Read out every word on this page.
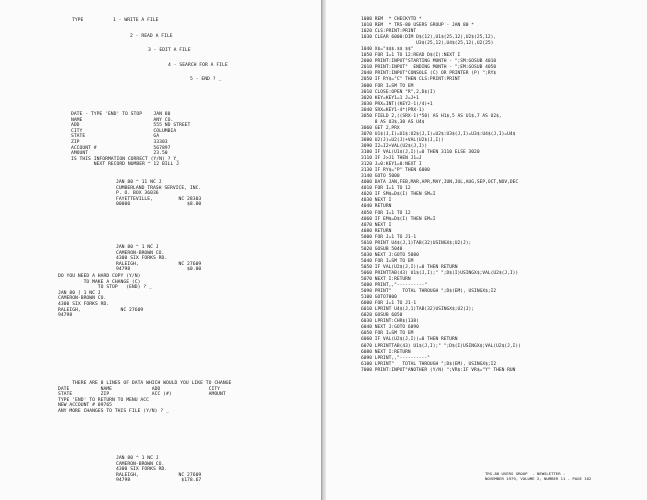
TYPE	1 - WRITE A FILE
2 - READ A FILE
3 - EDIT A FILE
4 - SEARCH FOR A FILE
5 - END ? _
DATE - TYPE 'END' TO STOP    JAN 80
NAME                         ANY CO.
ADD                          555 ND STREET
CITY                         COLUMBIA
STATE                        GA
ZIP                          33303
ACCOUNT #                    567897
AMOUNT                       23.50
IS THIS INFORMATION CORRECT (Y/N) ? Y_
NEXT RECORD NUMBER ^ 12 BILL J
JAN 80 ^ 11 NC J
CUMBERLAND TRASH SERVICE, INC.
P. O. BOX 36036
FAYETTEVILLE,         NC 28303
00000                    $8.00
JAN 80 ^ 1 NC J
CAMERON-BROWN CO.
4300 SIX FORKS RD.
RALEIGH,              NC 27609
94798                    $0.00
DO YOU NEED A HARD COPY (Y/N)
TO MAKE A CHANGE (C)
TO STOP   (END) ? _
JAN 80 [ 1 NC J
CAMERON-BROWN CO.
4300 SIX FORKS RD.
RALEIGH,              NC 27609
94798
THERE ARE 8 LINES OF DATA WHICH WOULD YOU LIKE TO CHANGE
DATE           NAME              ADD                 CITY
STATE          ZIP               ACC (#)             AMOUNT
TYPE 'END' TO RETURN TO MENU ACC
NEW ACCOUNT # 09765
ANY MORE CHANGES TO THIS FILE (Y/N) ? _
JAN 80 ^ 1 NC J
CAMERON-BROWN CO.
4300 SIX FORKS RD.
RALEIGH,              NC 27609
94798                  $178.67
1000 REM  * CHECKYTD *
1010 REM  * TRS-80 USERS GROUP - JAN 80 *
1020 CLS:PRINT:PRINT
1030 CLEAR 6000:DIM D$(12),U1$(25,12),U2$(25,12),
U3$(25,12),U4$(25,12),U2(25)
1040 X$="$$$.$$ $$"
1050 FOR I=1 TO 12:READ D$(I):NEXT I
2000 PRINT:INPUT"STARTING MONTH - ";SM:GOSUB 4010
2010 PRINT:INPUT"  ENDING MONTH - ";EM:GOSUB 4050
2040 PRINT:INPUT"CONSOLE (C) OR PRINTER (P) ";RY$
2050 IF RY$="C" THEN CLS:PRINT:PRINT
3000 FOR I=SM TO EM
3010 CLOSE:OPEN "R",2,D$(I)
3020 KEY=KEY1=1 J=J+1
3030 PRX=INT((KEY2-1)/4)+1
3040 SRX=KEY1-4*(PRX-1)
3050 FIELD 2,((SRX-1)*50) AS H1$,5 AS U1$,7 AS U2$,
8 AS U3$,30 AS U4$
3060 GET 2,PRX
3070 U1$(J,I)=U1$:U2$(J,I)=U2$:U3$(J,I)=U3$:U4$(J,I)=U4$
3080 U2(J)=U2(J)+VAL(U2$(J,I))
3090 I2=I2+VAL(U2$(J,I))
3100 IF VAL(U1$(J,I))=0 THEN 3110 ELSE 3020
3110 IF J>J1 THEN J1=J
3120 J=0:KEY1=0:NEXT I
3130 IF RY$="P" THEN 6000
3140 GOTO 5000
4000 DATA JAN,FEB,MAR,APR,MAY,JUN,JUL,AUG,SEP,OCT,NOV,DEC
4010 FOR I=1 TO 12
4020 IF SM$=D$(I) THEN SM=I
4030 NEXT I
4040 RETURN
4050 FOR I=1 TO 12
4060 IF EM$=D$(I) THEN EM=I
4070 NEXT I
4080 RETURN
5000 FOR J=1 TO J1-1
5010 PRINT U4$(J,1)TAB(32)USINGX$;U2(J);
5020 GOSUB 5040
5030 NEXT J:GOTO 5080
5040 FOR I=SM TO EM
5050 IF VAL(U2$(J,I))=0 THEN RETURN
5060 PRINTTAB(43) U1$(J,I);" ";D$(I)USINGX$;VAL(U2$(J,I))
5070 NEXT I:RETURN
5080 PRINT,,"----------"
5090 PRINT"    TOTAL THROUGH ";D$(EM), USINGX$;I2
5100 GOTO7000
6000 FOR J=1 TO J1-1
6010 LPRINT U4$(J,1)TAB(32)USINGX$;U2(J);
6020 GOSUB 6050
6030 LPRINT:CHR$(138)
6040 NEXT J:GOTO 6090
6050 FOR I=SM TO EM
6060 IF VAL(U2$(J,I))=0 THEN RETURN
6070 LPRINTTAB(43) U1$(J,I);" ";D$(I)USINGX$;VAL(U2$(J,I))
6080 NEXT I:RETURN
6090 LPRINT,,"----------"
6100 LPRINT"   TOTAL THROUGH ";D$(EM), USINGX$;I2
7000 PRINT:INPUT"ANOTHER (Y/N) ";VR$:IF VR$="Y" THEN RUN
TRS-80 USERS GROUP  - NEWSLETTER -
NOVEMBER 1979, VOLUME 2, NUMBER 11 - PAGE 102
